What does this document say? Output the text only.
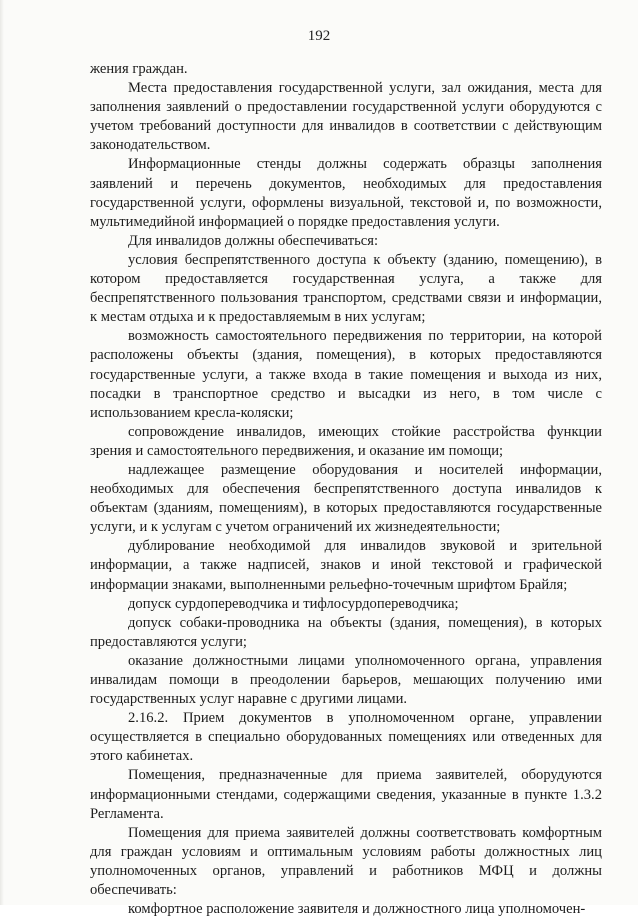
192

жения граждан.

Места предоставления государственной услуги, зал ожидания, места для заполнения заявлений о предоставлении государственной услуги оборудуются с учетом требований доступности для инвалидов в соответствии с действующим законодательством.

Информационные стенды должны содержать образцы заполнения заявлений и перечень документов, необходимых для предоставления государственной услуги, оформлены визуальной, текстовой и, по возможности, мультимедийной информацией о порядке предоставления услуги.

Для инвалидов должны обеспечиваться:

условия беспрепятственного доступа к объекту (зданию, помещению), в котором предоставляется государственная услуга, а также для беспрепятственного пользования транспортом, средствами связи и информации, к местам отдыха и к предоставляемым в них услугам;

возможность самостоятельного передвижения по территории, на которой расположены объекты (здания, помещения), в которых предоставляются государственные услуги, а также входа в такие помещения и выхода из них, посадки в транспортное средство и высадки из него, в том числе с использованием кресла-коляски;

сопровождение инвалидов, имеющих стойкие расстройства функции зрения и самостоятельного передвижения, и оказание им помощи;

надлежащее размещение оборудования и носителей информации, необходимых для обеспечения беспрепятственного доступа инвалидов к объектам (зданиям, помещениям), в которых предоставляются государственные услуги, и к услугам с учетом ограничений их жизнедеятельности;

дублирование необходимой для инвалидов звуковой и зрительной информации, а также надписей, знаков и иной текстовой и графической информации знаками, выполненными рельефно-точечным шрифтом Брайля;

допуск сурдопереводчика и тифлосурдопереводчика;

допуск собаки-проводника на объекты (здания, помещения), в которых предоставляются услуги;

оказание должностными лицами уполномоченного органа, управления инвалидам помощи в преодолении барьеров, мешающих получению ими государственных услуг наравне с другими лицами.

2.16.2. Прием документов в уполномоченном органе, управлении осуществляется в специально оборудованных помещениях или отведенных для этого кабинетах.

Помещения, предназначенные для приема заявителей, оборудуются информационными стендами, содержащими сведения, указанные в пункте 1.3.2 Регламента.

Помещения для приема заявителей должны соответствовать комфортным для граждан условиям и оптимальным условиям работы должностных лиц уполномоченных органов, управлений и работников МФЦ и должны обеспечивать:

комфортное расположение заявителя и должностного лица уполномочен-
